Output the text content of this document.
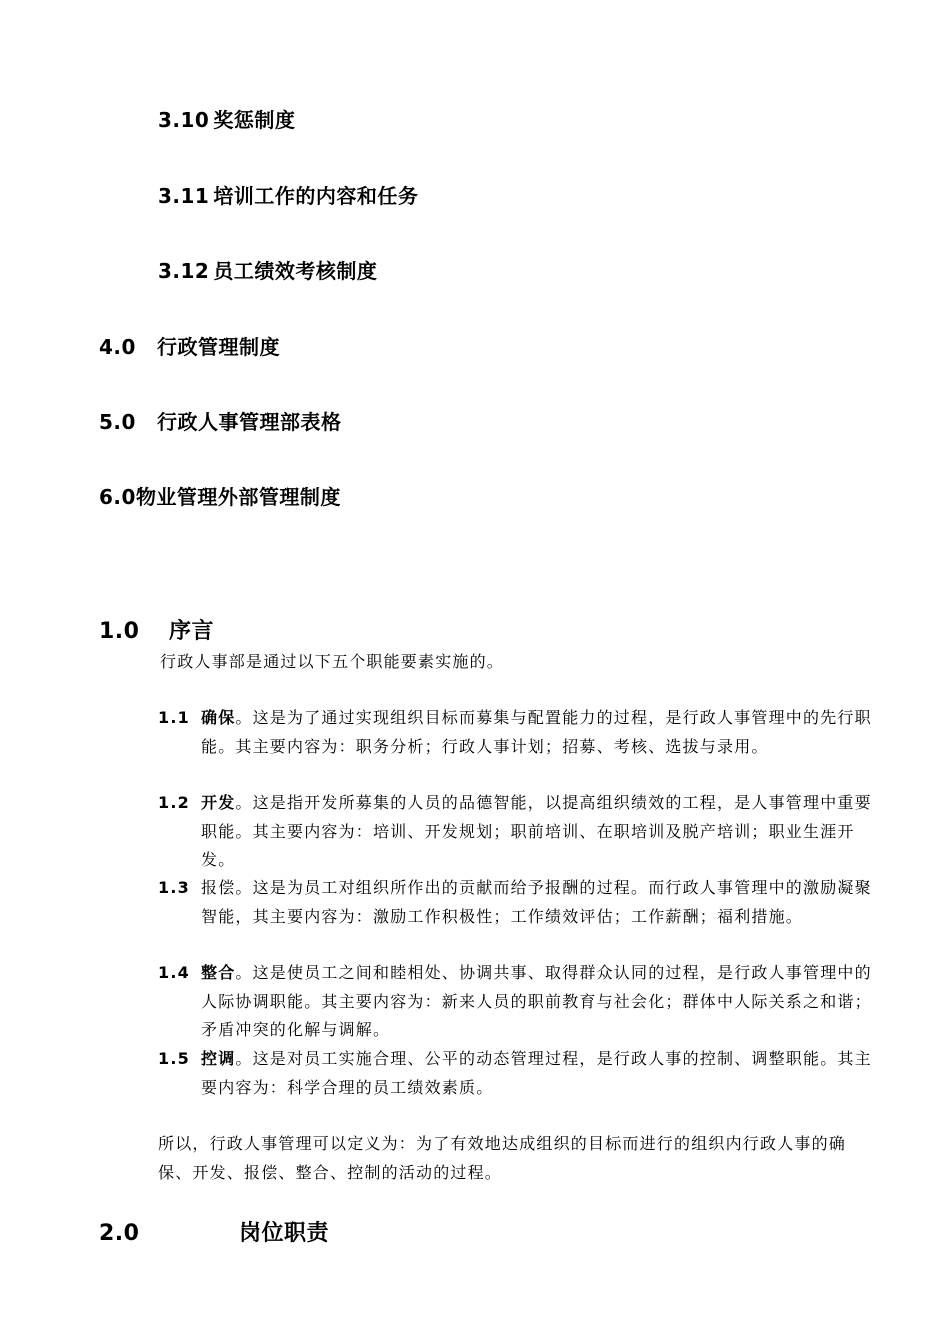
3.10 奖惩制度
3.11 培训工作的内容和任务
3.12 员工绩效考核制度
4.0 行政管理制度
5.0 行政人事管理部表格
6.0物业管理外部管理制度
1.0 序言
行政人事部是通过以下五个职能要素实施的。
1.1 确保。这是为了通过实现组织目标而募集与配置能力的过程，是行政人事管理中的先行职能。其主要内容为：职务分析；行政人事计划；招募、考核、选拔与录用。
1.2 开发。这是指开发所募集的人员的品德智能，以提高组织绩效的工程，是人事管理中重要职能。其主要内容为：培训、开发规划；职前培训、在职培训及脱产培训；职业生涯开发。
1.3 报偿。这是为员工对组织所作出的贡献而给予报酬的过程。而行政人事管理中的激励凝聚智能，其主要内容为：激励工作积极性；工作绩效评估；工作薪酬；福利措施。
1.4 整合。这是使员工之间和睦相处、协调共事、取得群众认同的过程，是行政人事管理中的人际协调职能。其主要内容为：新来人员的职前教育与社会化；群体中人际关系之和谐；矛盾冲突的化解与调解。
1.5 控调。这是对员工实施合理、公平的动态管理过程，是行政人事的控制、调整职能。其主要内容为：科学合理的员工绩效素质。
所以，行政人事管理可以定义为：为了有效地达成组织的目标而进行的组织内行政人事的确保、开发、报偿、整合、控制的活动的过程。
2.0	岗位职责
